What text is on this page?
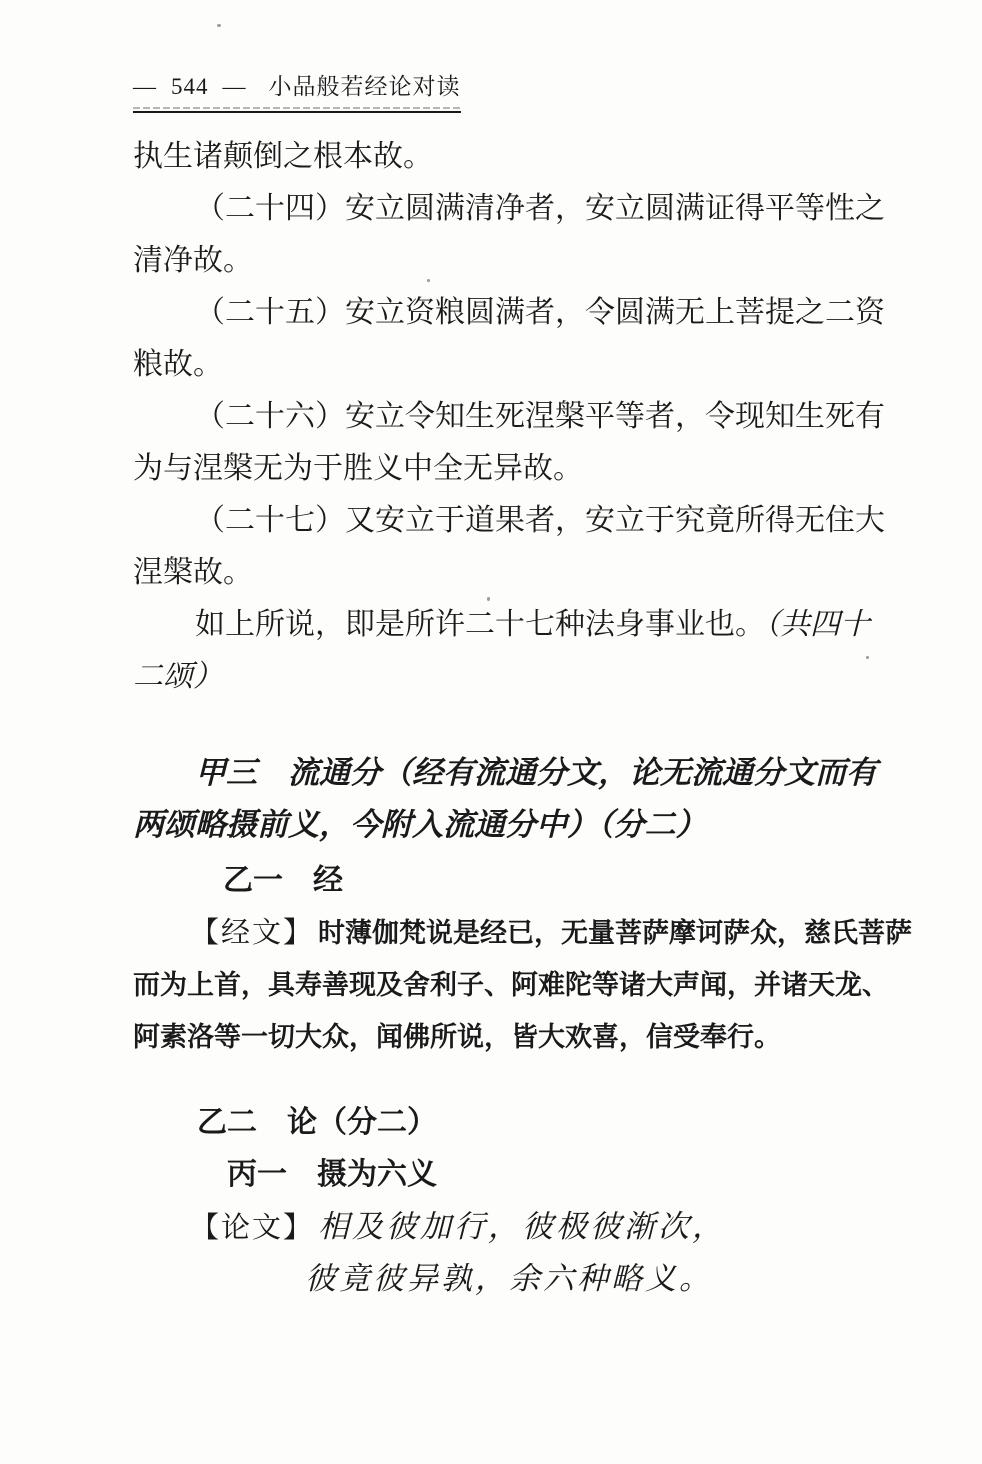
— 544 — 小品般若经论对读
执生诸颠倒之根本故。
（二十四）安立圆满清净者，安立圆满证得平等性之
清净故。
（二十五）安立资粮圆满者，令圆满无上菩提之二资
粮故。
（二十六）安立令知生死涅槃平等者，令现知生死有
为与涅槃无为于胜义中全无异故。
（二十七）又安立于道果者，安立于究竟所得无住大
涅槃故。
如上所说，即是所许二十七种法身事业也。（共四十
二颂）
甲三　流通分（经有流通分文，论无流通分文而有
两颂略摄前义，今附入流通分中）（分二）
乙一　经
【经文】 时薄伽梵说是经已，无量菩萨摩诃萨众，慈氏菩萨
而为上首，具寿善现及舍利子、阿难陀等诸大声闻，并诸天龙、
阿素洛等一切大众，闻佛所说，皆大欢喜，信受奉行。
乙二　论（分二）
丙一　摄为六义
【论文】 相及彼加行，彼极彼渐次，
彼竟彼异孰，余六种略义。
